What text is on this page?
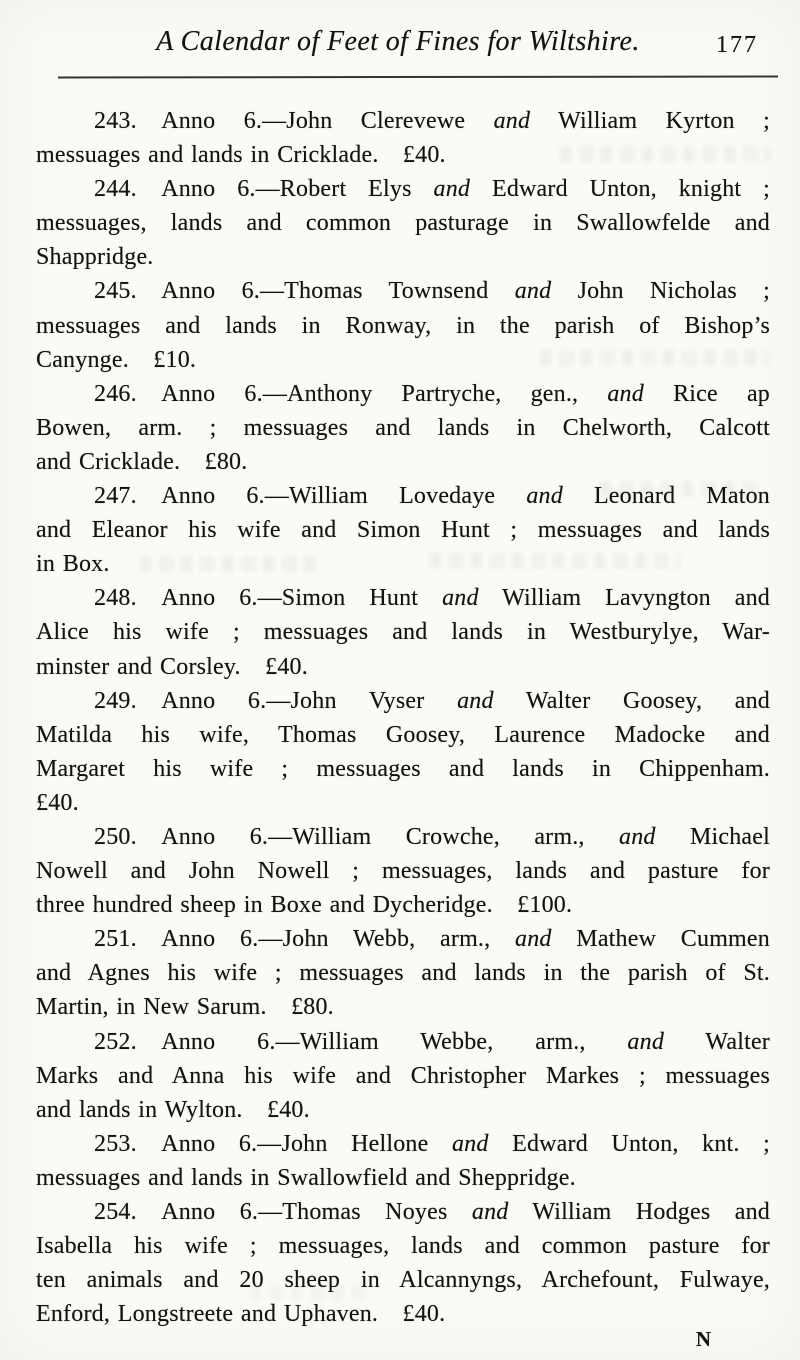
A Calendar of Feet of Fines for Wiltshire.	177
243.  Anno 6.—John Clerevewe and William Kyrton ;
messuages and lands in Cricklade.  £40.
244.  Anno 6.—Robert Elys and Edward Unton, knight ;
messuages, lands and common pasturage in Swallowfelde and
Shappridge.
245.  Anno 6.—Thomas Townsend and John Nicholas ;
messuages and lands in Ronway, in the parish of Bishop’s
Canynge.  £10.
246.  Anno 6.—Anthony Partryche, gen., and Rice ap
Bowen, arm. ; messuages and lands in Chelworth, Calcott
and Cricklade.  £80.
247.  Anno 6.—William Lovedaye and Leonard Maton
and Eleanor his wife and Simon Hunt ; messuages and lands
in Box.
248.  Anno 6.—Simon Hunt and William Lavyngton and
Alice his wife ; messuages and lands in Westburylye, War-
minster and Corsley.  £40.
249.  Anno 6.—John Vyser and Walter Goosey, and
Matilda his wife, Thomas Goosey, Laurence Madocke and
Margaret his wife ; messuages and lands in Chippenham.
£40.
250.  Anno 6.—William Crowche, arm., and Michael
Nowell and John Nowell ; messuages, lands and pasture for
three hundred sheep in Boxe and Dycheridge.  £100.
251.  Anno 6.—John Webb, arm., and Mathew Cummen
and Agnes his wife ; messuages and lands in the parish of St.
Martin, in New Sarum.  £80.
252.  Anno 6.—William Webbe, arm., and Walter
Marks and Anna his wife and Christopher Markes ; messuages
and lands in Wylton.  £40.
253.  Anno 6.—John Hellone and Edward Unton, knt. ;
messuages and lands in Swallowfield and Sheppridge.
254.  Anno 6.—Thomas Noyes and William Hodges and
Isabella his wife ; messuages, lands and common pasture for
ten animals and 20 sheep in Alcannyngs, Archefount, Fulwaye,
Enford, Longstreete and Uphaven.  £40.
N
